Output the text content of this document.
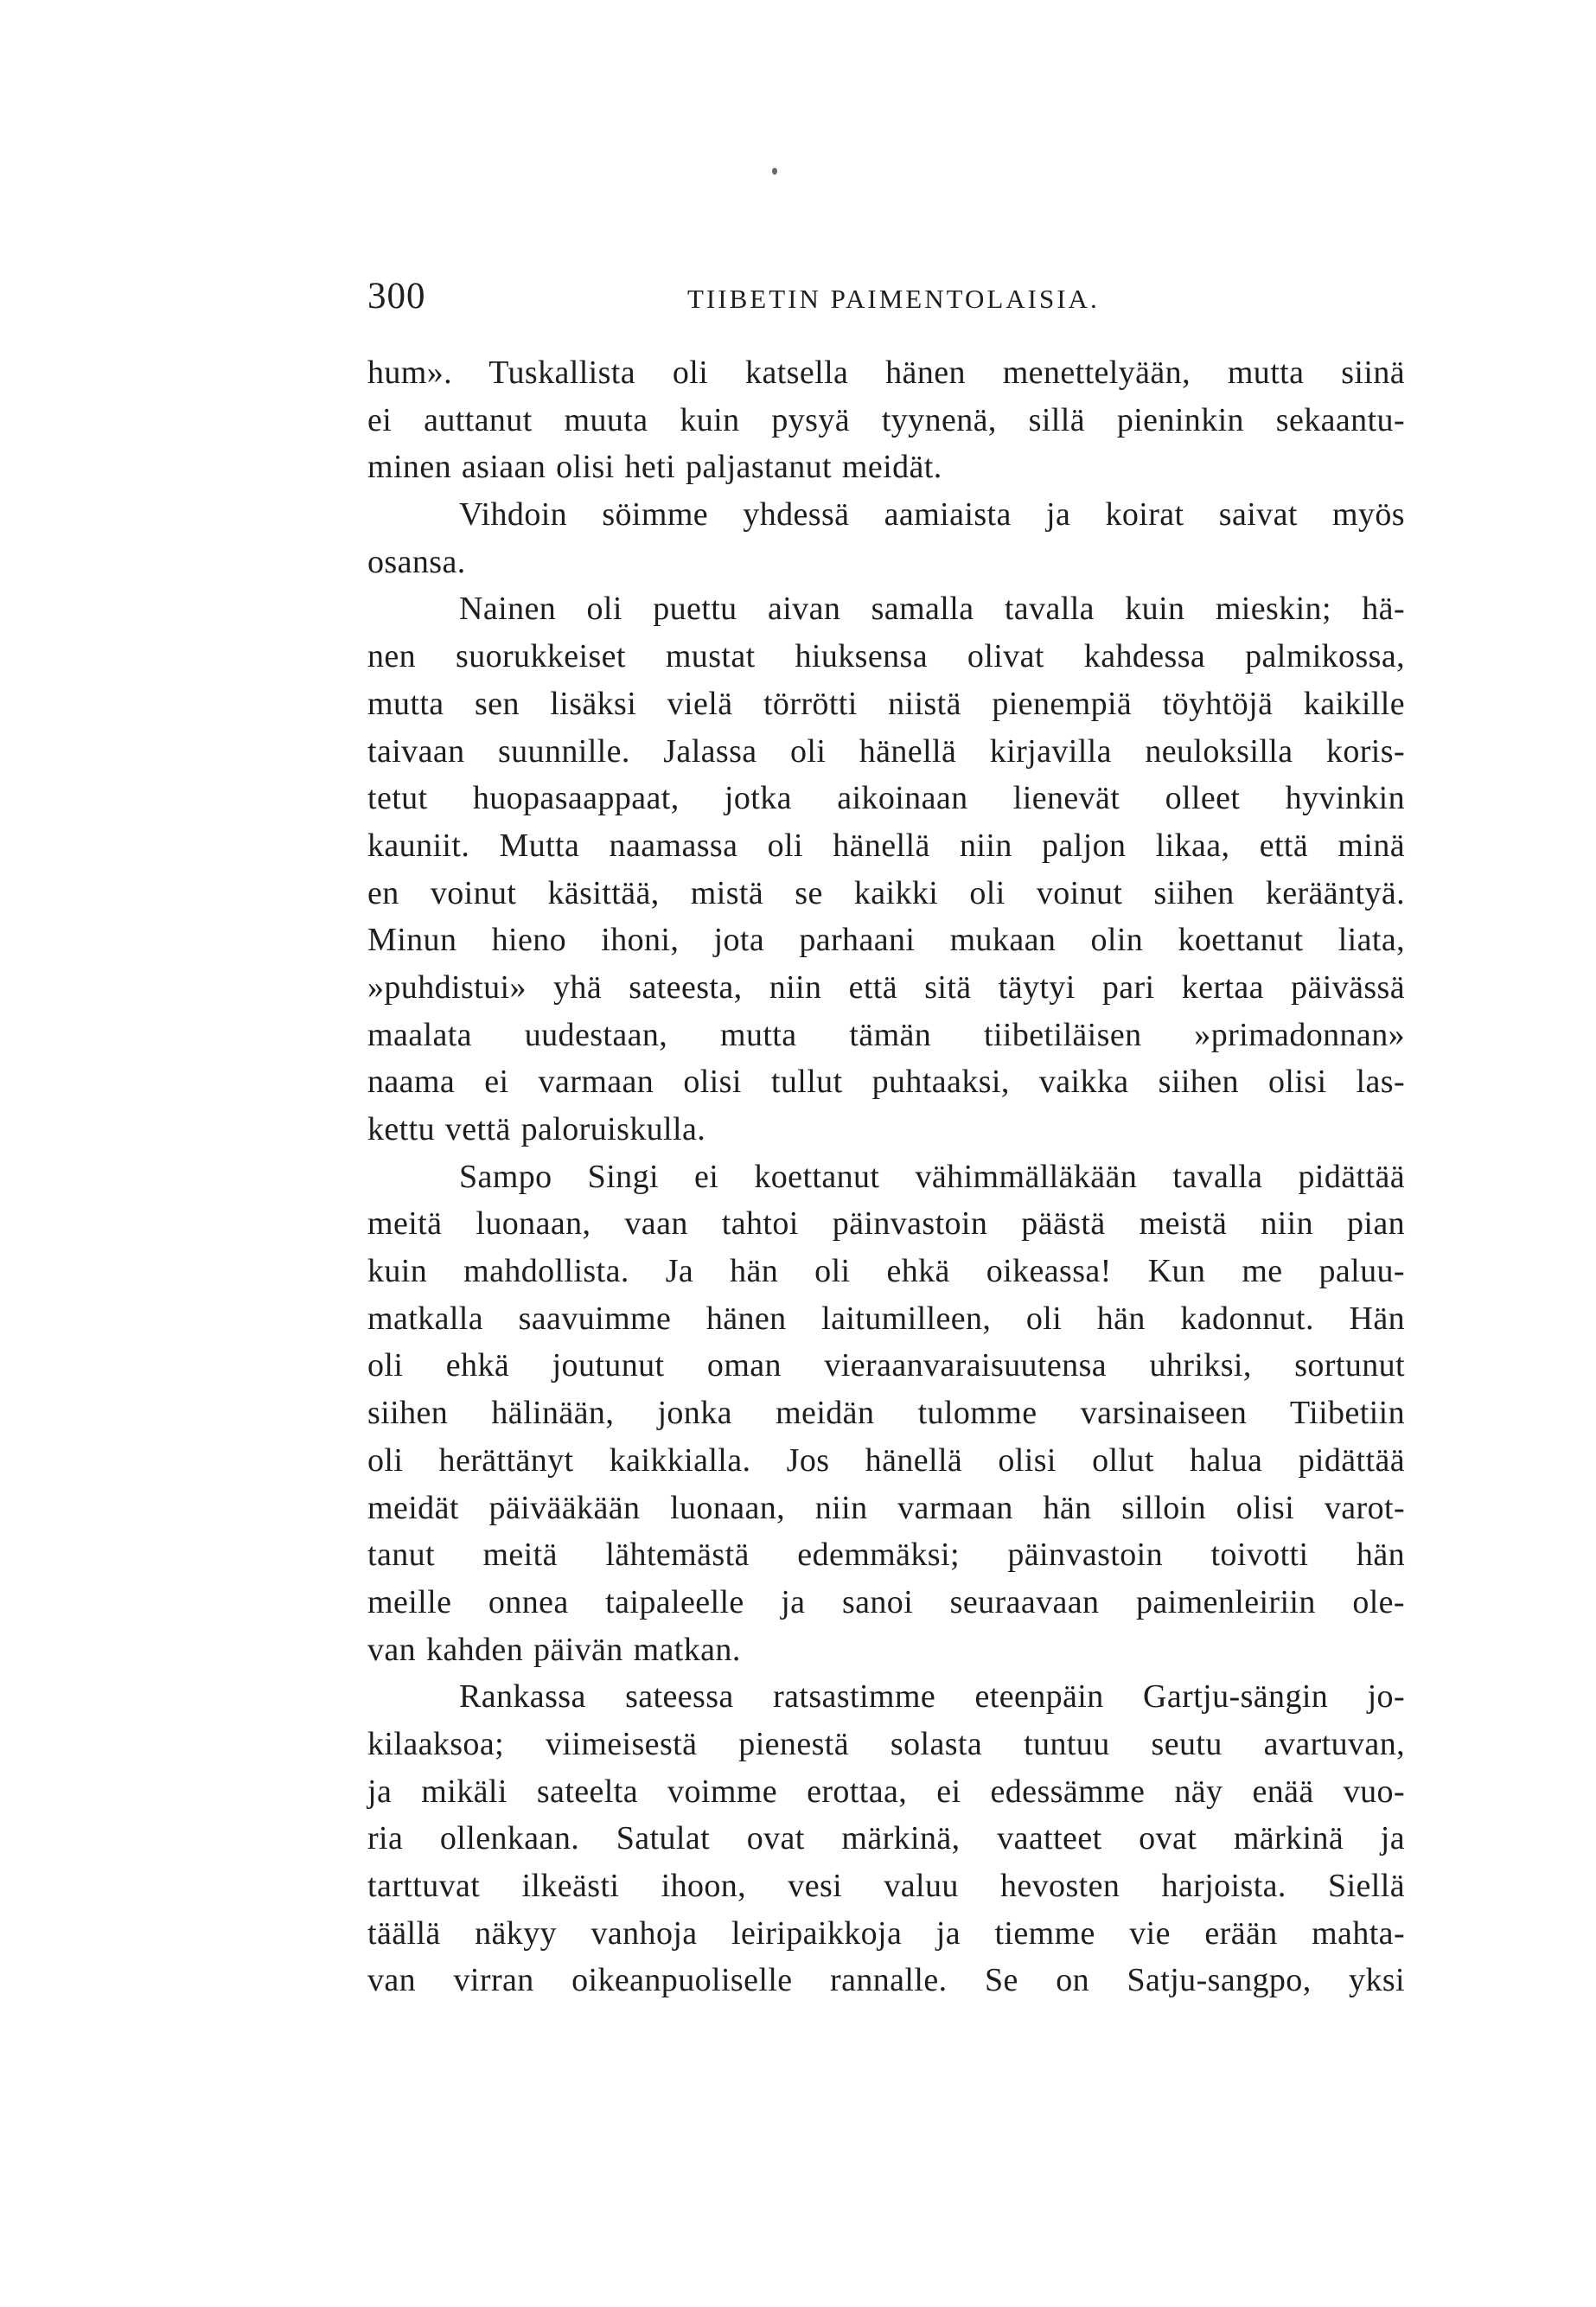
300	TIIBETIN PAIMENTOLAISIA.
hum». Tuskallista oli katsella hänen menettelyään, mutta siinä
ei auttanut muuta kuin pysyä tyynenä, sillä pieninkin sekaantu-
minen asiaan olisi heti paljastanut meidät.
Vihdoin söimme yhdessä aamiaista ja koirat saivat myös
osansa.
Nainen oli puettu aivan samalla tavalla kuin mieskin; hä-
nen suorukkeiset mustat hiuksensa olivat kahdessa palmikossa,
mutta sen lisäksi vielä törrötti niistä pienempiä töyhtöjä kaikille
taivaan suunnille. Jalassa oli hänellä kirjavilla neuloksilla koris-
tetut huopasaappaat, jotka aikoinaan lienevät olleet hyvinkin
kauniit. Mutta naamassa oli hänellä niin paljon likaa, että minä
en voinut käsittää, mistä se kaikki oli voinut siihen kerääntyä.
Minun hieno ihoni, jota parhaani mukaan olin koettanut liata,
»puhdistui» yhä sateesta, niin että sitä täytyi pari kertaa päivässä
maalata uudestaan, mutta tämän tiibetiläisen »primadonnan»
naama ei varmaan olisi tullut puhtaaksi, vaikka siihen olisi las-
kettu vettä paloruiskulla.
Sampo Singi ei koettanut vähimmälläkään tavalla pidättää
meitä luonaan, vaan tahtoi päinvastoin päästä meistä niin pian
kuin mahdollista. Ja hän oli ehkä oikeassa! Kun me paluu-
matkalla saavuimme hänen laitumilleen, oli hän kadonnut. Hän
oli ehkä joutunut oman vieraanvaraisuutensa uhriksi, sortunut
siihen hälinään, jonka meidän tulomme varsinaiseen Tiibetiin
oli herättänyt kaikkialla. Jos hänellä olisi ollut halua pidättää
meidät päivääkään luonaan, niin varmaan hän silloin olisi varot-
tanut meitä lähtemästä edemmäksi; päinvastoin toivotti hän
meille onnea taipaleelle ja sanoi seuraavaan paimenleiriin ole-
van kahden päivän matkan.
Rankassa sateessa ratsastimme eteenpäin Gartju-sängin jo-
kilaaksoa; viimeisestä pienestä solasta tuntuu seutu avartuvan,
ja mikäli sateelta voimme erottaa, ei edessämme näy enää vuo-
ria ollenkaan. Satulat ovat märkinä, vaatteet ovat märkinä ja
tarttuvat ilkeästi ihoon, vesi valuu hevosten harjoista. Siellä
täällä näkyy vanhoja leiripaikkoja ja tiemme vie erään mahta-
van virran oikeanpuoliselle rannalle. Se on Satju-sangpo, yksi
